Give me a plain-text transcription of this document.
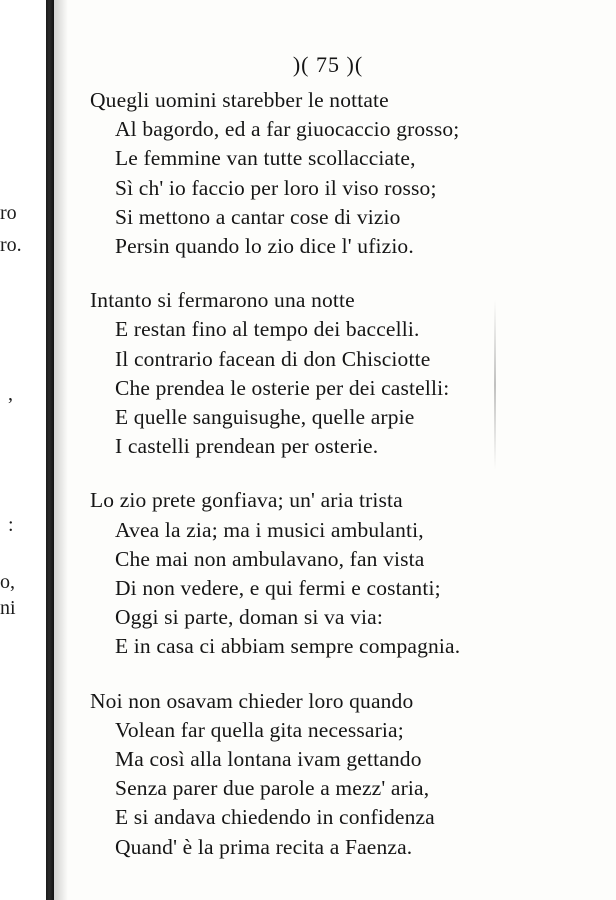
ro
ro.
,
:
o,
ni
)( 75 )(
Quegli uomini starebber le nottate
Al bagordo, ed a far giuocaccio grosso;
Le femmine van tutte scollacciate,
Sì ch' io faccio per loro il viso rosso;
Si mettono a cantar cose di vizio
Persin quando lo zio dice l' ufizio.
Intanto si fermarono una notte
E restan fino al tempo dei baccelli.
Il contrario facean di don Chisciotte
Che prendea le osterie per dei castelli:
E quelle sanguisughe, quelle arpie
I castelli prendean per osterie.
Lo zio prete gonfiava; un' aria trista
Avea la zia; ma i musici ambulanti,
Che mai non ambulavano, fan vista
Di non vedere, e qui fermi e costanti;
Oggi si parte, doman si va via:
E in casa ci abbiam sempre compagnia.
Noi non osavam chieder loro quando
Volean far quella gita necessaria;
Ma così alla lontana ivam gettando
Senza parer due parole a mezz' aria,
E si andava chiedendo in confidenza
Quand' è la prima recita a Faenza.
